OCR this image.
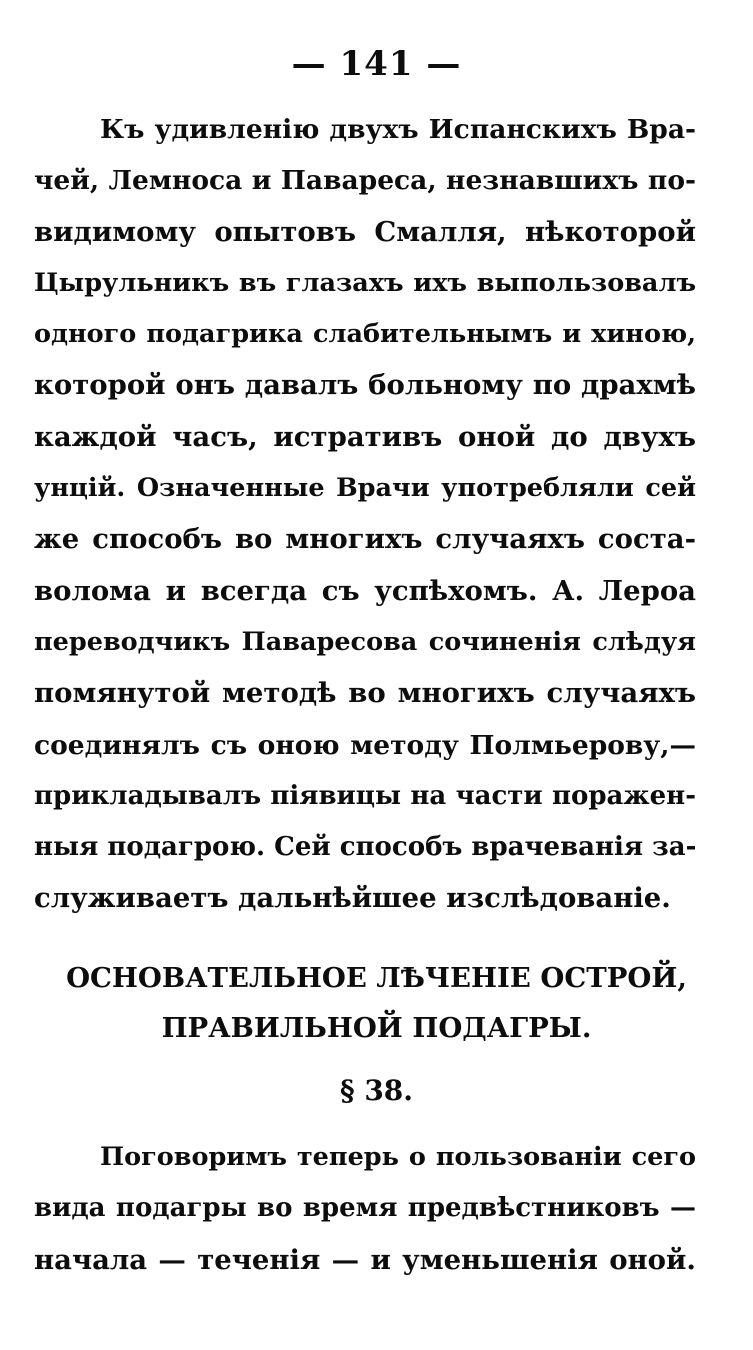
— 141 —
Къ удивленію двухъ Испанскихъ Вра-
чей, Лемноса и Павареса, незнавшихъ по-
видимому опытовъ Смалля, нѣкоторой
Цырульникъ въ глазахъ ихъ выпользовалъ
одного подагрика слабительнымъ и хиною,
которой онъ давалъ больному по драхмѣ
каждой часъ, истративъ оной до двухъ
унцій. Означенные Врачи употребляли сей
же способъ во многихъ случаяхъ состa-
волома и всегда съ успѣхомъ. А. Лероа
переводчикъ Паваресова сочиненія слѣдуя
помянутой методѣ во многихъ случаяхъ
соединялъ съ оною методу Полмьерову,—
прикладывалъ піявицы на части поражен-
ныя подагрою. Сей способъ врачеванія за-
служиваетъ дальнѣйшее изслѣдованіе.
ОСНОВАТЕЛЬНОЕ ЛѢЧЕНІЕ ОСТРОЙ,
ПРАВИЛЬНОЙ ПОДАГРЫ.
§ 38.
Поговоримъ теперь о пользованіи сего
вида подагры во время предвѣстниковъ —
начала — теченія — и уменьшенія оной.
